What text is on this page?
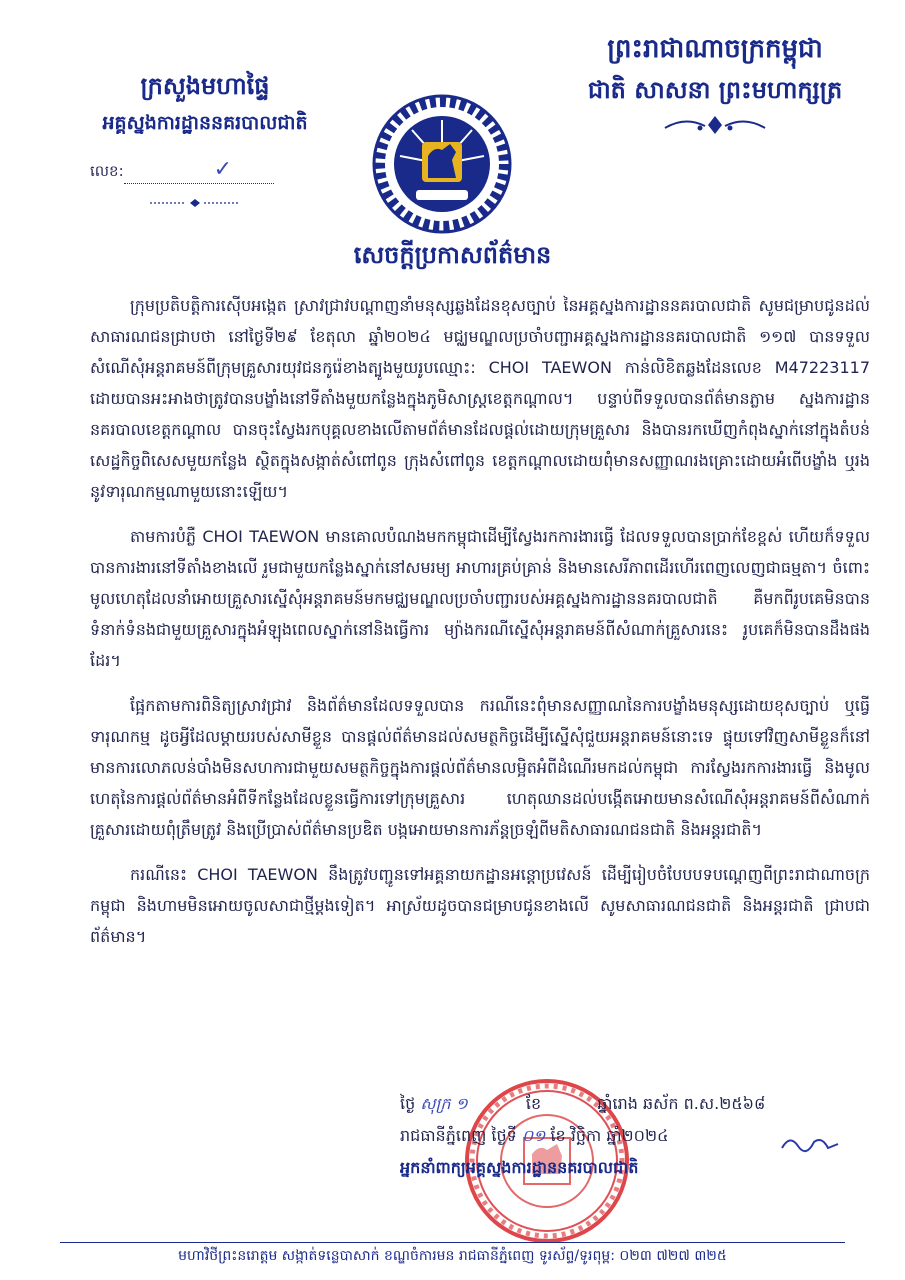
ព្រះរាជាណាចក្រកម្ពុជា
ជាតិ សាសនា ព្រះមហាក្សត្រ
ក្រសួងមហាផ្ទៃ
អគ្គស្នងការដ្ឋាននគរបាលជាតិ
លេខ:	✓
សេចក្តីប្រកាសព័ត៌មាន

ក្រុមប្រតិបត្តិការស៊ើបអង្កេត ស្រាវជ្រាវបណ្តាញនាំមនុស្សឆ្លងដែនខុសច្បាប់ នៃអគ្គស្នងការដ្ឋាននគរបាលជាតិ សូមជម្រាបជូនដល់សាធារណជនជ្រាបថា នៅថ្ងៃទី២៩ ខែតុលា ឆ្នាំ២០២៤ មជ្ឈមណ្ឌលប្រចាំបញ្ជាអគ្គស្នងការដ្ឋាននគរបាលជាតិ ១១៧ បានទទួលសំណើសុំអន្តរាគមន៍ពីក្រុមគ្រួសារយុវជនកូរ៉េខាងត្បូងមួយរូបឈ្មោះ: CHOI TAEWON កាន់លិខិតឆ្លងដែនលេខ M47223117 ដោយបានអះអាងថាត្រូវបានបង្ខាំងនៅទីតាំងមួយកន្លែងក្នុងភូមិសាស្ត្រខេត្តកណ្តាល។ បន្ទាប់ពីទទួលបានព័ត៌មានភ្លាម ស្នងការដ្ឋាននគរបាលខេត្តកណ្តាល បានចុះស្វែងរកបុគ្គលខាងលើតាមព័ត៌មានដែលផ្តល់ដោយក្រុមគ្រួសារ និងបានរកឃើញកំពុងស្នាក់នៅក្នុងតំបន់សេដ្ឋកិច្ចពិសេសមួយកន្លែង ស្ថិតក្នុងសង្កាត់សំពៅពូន ក្រុងសំពៅពូន ខេត្តកណ្តាលដោយពុំមានសញ្ញាណរងគ្រោះដោយអំពើបង្ខាំង ឬរងនូវទារុណកម្មណាមួយនោះឡើយ។

តាមការបំភ្លឺ CHOI TAEWON មានគោលបំណងមកកម្ពុជាដើម្បីស្វែងរកការងារធ្វើ ដែលទទួលបានប្រាក់ខែខ្ពស់ ហើយក៏ទទួលបានការងារនៅទីតាំងខាងលើ រួមជាមួយកន្លែងស្នាក់នៅសមរម្យ អាហារគ្រប់គ្រាន់ និងមានសេរីភាពដើរហើរពេញលេញជាធម្មតា។ ចំពោះមូលហេតុដែលនាំអោយគ្រួសារស្នើសុំអន្តរាគមន៍មកមជ្ឈមណ្ឌលប្រចាំបញ្ជារបស់អគ្គស្នងការដ្ឋាននគរបាលជាតិ គឺមកពីរូបគេមិនបានទំនាក់ទំនងជាមួយគ្រួសារក្នុងអំឡុងពេលស្នាក់នៅនិងធ្វើការ ម្យ៉ាងករណីស្នើសុំអន្តរាគមន៍ពីសំណាក់គ្រួសារនេះ រូបគេក៏មិនបានដឹងផងដែរ។

ផ្អែកតាមការពិនិត្យស្រាវជ្រាវ និងព័ត៌មានដែលទទួលបាន ករណីនេះពុំមានសញ្ញាណនៃការបង្ខាំងមនុស្សដោយខុសច្បាប់ ឬធ្វើទារុណកម្ម ដូចអ្វីដែលម្តាយរបស់សាមីខ្លួន បានផ្តល់ព័ត៌មានដល់សមត្ថកិច្ចដើម្បីស្នើសុំជួយអន្តរាគមន៍នោះទេ ផ្ទុយទៅវិញសាមីខ្លួនក៏នៅមានការលោភលន់បាំងមិនសហការជាមួយសមត្ថកិច្ចក្នុងការផ្តល់ព័ត៌មានលម្អិតអំពីដំណើរមកដល់កម្ពុជា ការស្វែងរកការងារធ្វើ និងមូលហេតុនៃការផ្តល់ព័ត៌មានអំពីទីកន្លែងដែលខ្លួនធ្វើការទៅក្រុមគ្រួសារ ហេតុឈានដល់បង្កើតអោយមានសំណើសុំអន្តរាគមន៍ពីសំណាក់គ្រួសារដោយពុំត្រឹមត្រូវ និងប្រើប្រាស់ព័ត៌មានប្រឌិត បង្កអោយមានការភ័ន្តច្រឡំពីមតិសាធារណជនជាតិ និងអន្តរជាតិ។

ករណីនេះ CHOI TAEWON នឹងត្រូវបញ្ជូនទៅអគ្គនាយកដ្ឋានអន្តោប្រវេសន៍ ដើម្បីរៀបចំបែបបទបណ្តេញពីព្រះរាជាណាចក្រកម្ពុជា និងហាមមិនអោយចូលសាជាថ្មីម្តងទៀត។ អាស្រ័យដូចបានជម្រាបជូនខាងលើ សូមសាធារណជនជាតិ និងអន្តរជាតិ ជ្រាបជាព័ត៌មាន។

ថ្ងៃ សុក្រ ១	ខែ	ឆ្នាំរោង ឆស័ក ព.ស.២៥៦៨
រាជធានីភ្នំពេញ ថ្ងៃទី ០១ ខែ វិច្ឆិកា ឆ្នាំ២០២៤
អ្នកនាំពាក្យអគ្គស្នងការដ្ឋាននគរបាលជាតិ
មហាវិថីព្រះនរោត្តម សង្កាត់ទន្លេបាសាក់ ខណ្ឌចំការមន រាជធានីភ្នំពេញ ទូរស័ព្ទ/ទូរពុម្ព: ០២៣ ៧២៧ ៣២៥
